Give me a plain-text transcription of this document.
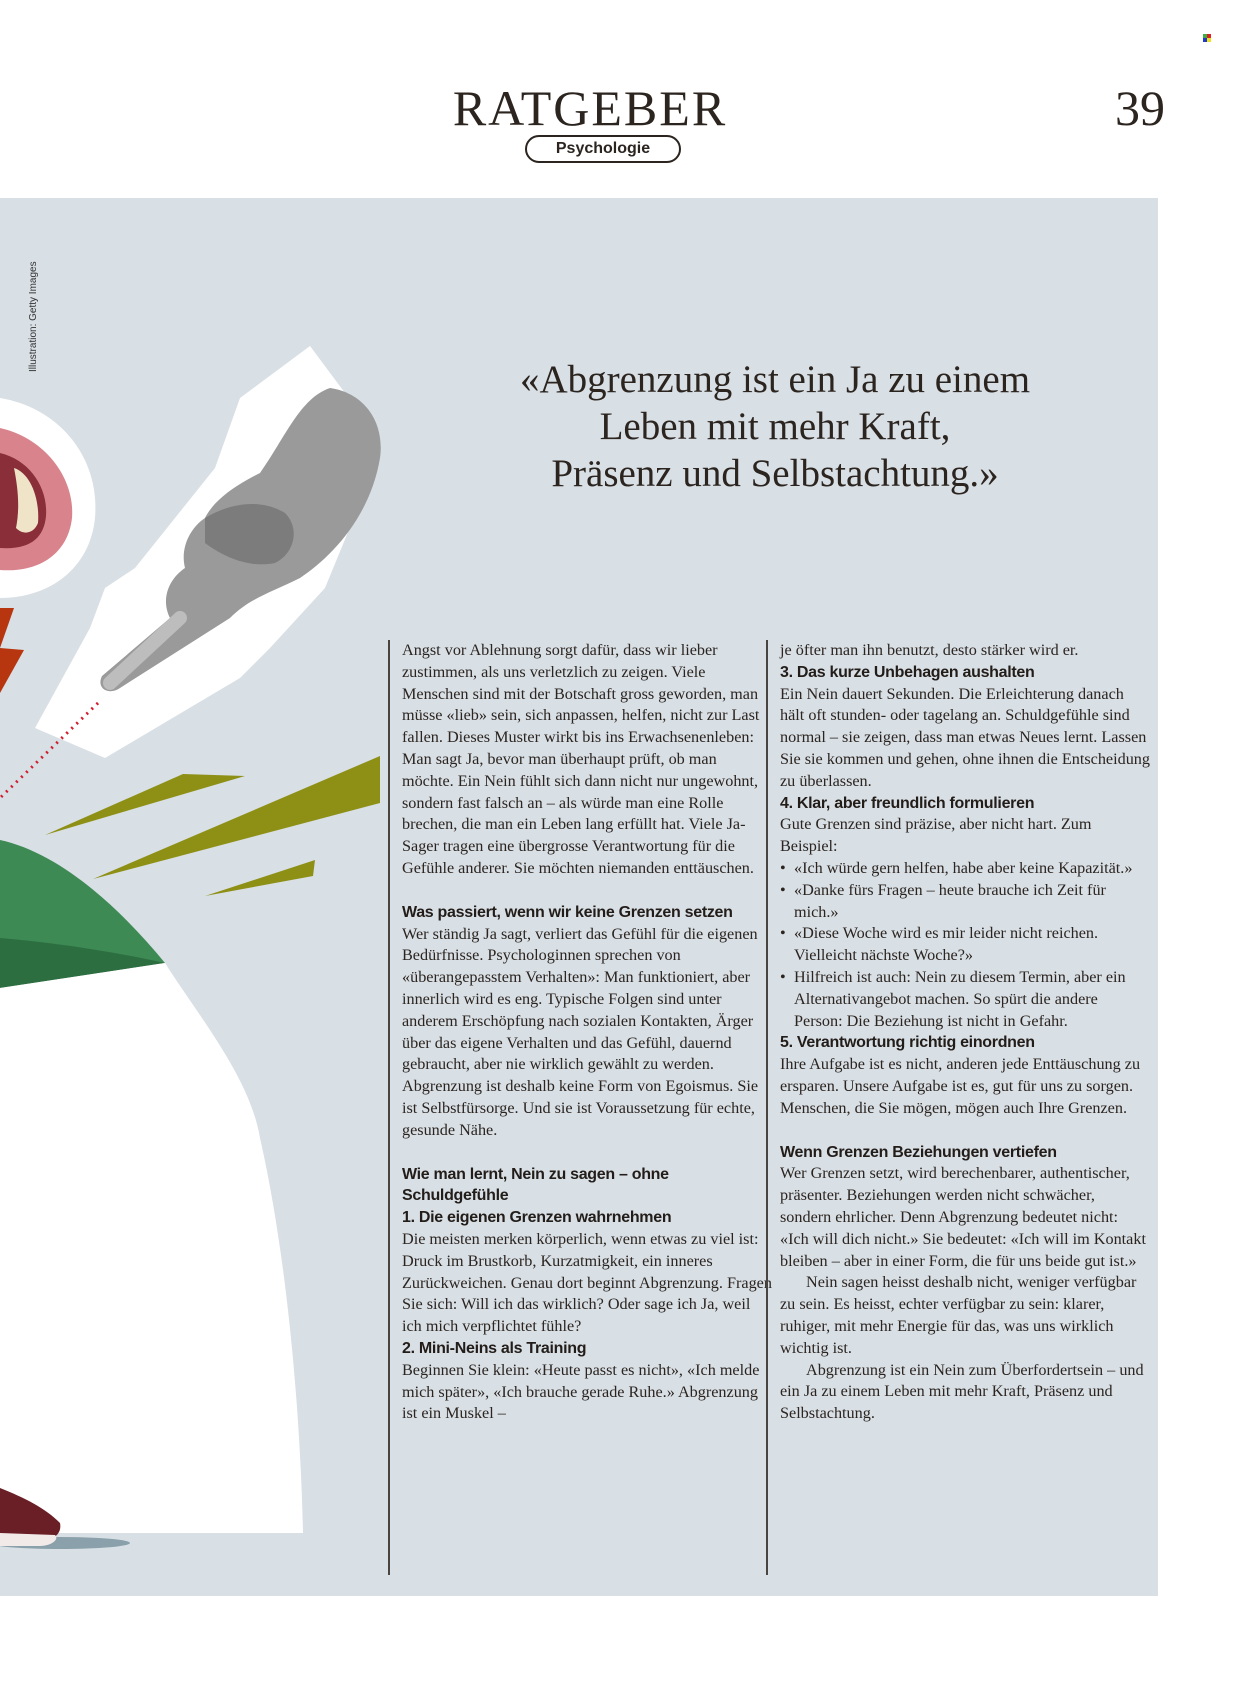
RATGEBER
Psychologie
39
Illustration: Getty Images
«Abgrenzung ist ein Ja zu einem
Leben mit mehr Kraft,
Präsenz und Selbstachtung.»

Angst vor Ablehnung sorgt dafür, dass wir lieber zustimmen, als uns verletzlich zu zeigen. Viele Menschen sind mit der Botschaft gross geworden, man müsse «lieb» sein, sich anpassen, helfen, nicht zur Last fallen. Dieses Muster wirkt bis ins Erwachsenenleben: Man sagt Ja, bevor man überhaupt prüft, ob man möchte. Ein Nein fühlt sich dann nicht nur ungewohnt, sondern fast falsch an – als würde man eine Rolle brechen, die man ein Leben lang erfüllt hat. Viele Ja-Sager tragen eine übergrosse Verantwortung für die Gefühle anderer. Sie möchten niemanden enttäuschen.

Was passiert, wenn wir keine Grenzen setzen

Wer ständig Ja sagt, verliert das Gefühl für die eigenen Bedürfnisse. Psychologinnen sprechen von «überangepasstem Verhalten»: Man funktioniert, aber innerlich wird es eng. Typische Folgen sind unter anderem Erschöpfung nach sozialen Kontakten, Ärger über das eigene Verhalten und das Gefühl, dauernd gebraucht, aber nie wirklich gewählt zu werden. Abgrenzung ist deshalb keine Form von Egoismus. Sie ist Selbstfürsorge. Und sie ist Voraussetzung für echte, gesunde Nähe.

Wie man lernt, Nein zu sagen – ohne Schuldgefühle

1. Die eigenen Grenzen wahrnehmen

Die meisten merken körperlich, wenn etwas zu viel ist: Druck im Brustkorb, Kurzatmigkeit, ein inneres Zurückweichen. Genau dort beginnt Abgrenzung. Fragen Sie sich: Will ich das wirklich? Oder sage ich Ja, weil ich mich verpflichtet fühle?

2. Mini-Neins als Training

Beginnen Sie klein: «Heute passt es nicht», «Ich melde mich später», «Ich brauche gerade Ruhe.» Abgrenzung ist ein Muskel –

je öfter man ihn benutzt, desto stärker wird er.

3. Das kurze Unbehagen aushalten

Ein Nein dauert Sekunden. Die Erleichterung danach hält oft stunden- oder tagelang an. Schuldgefühle sind normal – sie zeigen, dass man etwas Neues lernt. Lassen Sie sie kommen und gehen, ohne ihnen die Entscheidung zu überlassen.

4. Klar, aber freundlich formulieren

Gute Grenzen sind präzise, aber nicht hart. Zum Beispiel:

• «Ich würde gern helfen, habe aber keine Kapazität.»
• «Danke fürs Fragen – heute brauche ich Zeit für mich.»
• «Diese Woche wird es mir leider nicht reichen. Vielleicht nächste Woche?»
• Hilfreich ist auch: Nein zu diesem Termin, aber ein Alternativangebot machen. So spürt die andere Person: Die Beziehung ist nicht in Gefahr.

5. Verantwortung richtig einordnen

Ihre Aufgabe ist es nicht, anderen jede Enttäuschung zu ersparen. Unsere Aufgabe ist es, gut für uns zu sorgen. Menschen, die Sie mögen, mögen auch Ihre Grenzen.

Wenn Grenzen Beziehungen vertiefen

Wer Grenzen setzt, wird berechenbarer, authentischer, präsenter. Beziehungen werden nicht schwächer, sondern ehrlicher. Denn Abgrenzung bedeutet nicht: «Ich will dich nicht.» Sie bedeutet: «Ich will im Kontakt bleiben – aber in einer Form, die für uns beide gut ist.»

Nein sagen heisst deshalb nicht, weniger verfügbar zu sein. Es heisst, echter verfügbar zu sein: klarer, ruhiger, mit mehr Energie für das, was uns wirklich wichtig ist.

Abgrenzung ist ein Nein zum Überfordertsein – und ein Ja zu einem Leben mit mehr Kraft, Präsenz und Selbstachtung.
